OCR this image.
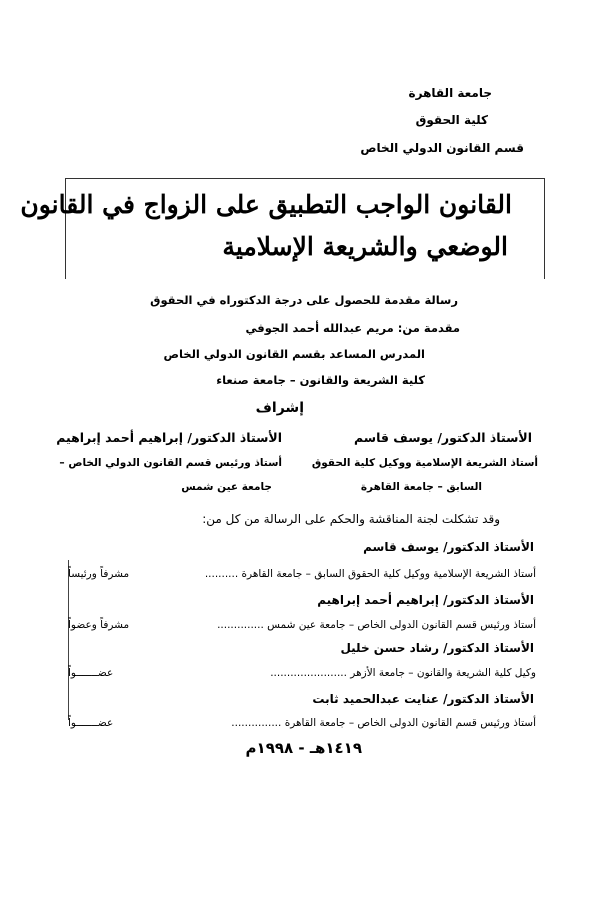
جامعة القاهرة
كلية الحقوق
قسم القانون الدولي الخاص
القانون الواجب التطبيق على الزواج في القانون
الوضعي والشريعة الإسلامية
رسالة مقدمة للحصول على درجة الدكتوراه في الحقوق
مقدمة من: مريم عبدالله أحمد الجوفي
المدرس المساعد بقسم القانون الدولي الخاص
كلية الشريعة والقانون – جامعة صنعاء
إشراف
الأستاذ الدكتور/ يوسف قاسم
أستاذ الشريعة الإسلامية ووكيل كلية الحقوق
السابق – جامعة القاهرة
الأستاذ الدكتور/ إبراهيم أحمد إبراهيم
أستاذ ورئيس قسم القانون الدولي الخاص –
جامعة عين شمس
وقد تشكلت لجنة المناقشة والحكم على الرسالة من كل من:
الأستاذ الدكتور/ يوسف قاسم
أستاذ الشريعة الإسلامية ووكيل كلية الحقوق السابق – جامعة القاهرة ..........
مشرفاً ورئيساً
الأستاذ الدكتور/ إبراهيم أحمد إبراهيم
أستاذ ورئيس قسم القانون الدولى الخاص – جامعة عين شمس ..............
مشرفاً وعضواً
الأستاذ الدكتور/ رشاد حسن خليل
وكيل كلية الشريعة والقانون – جامعة الأزهر .......................
عضـــــــواً
الأستاذ الدكتور/ عنايت عبدالحميد ثابت
أستاذ ورئيس قسم القانون الدولى الخاص – جامعة القاهرة ...............
عضـــــــواً
١٤١٩هـ - ١٩٩٨م
